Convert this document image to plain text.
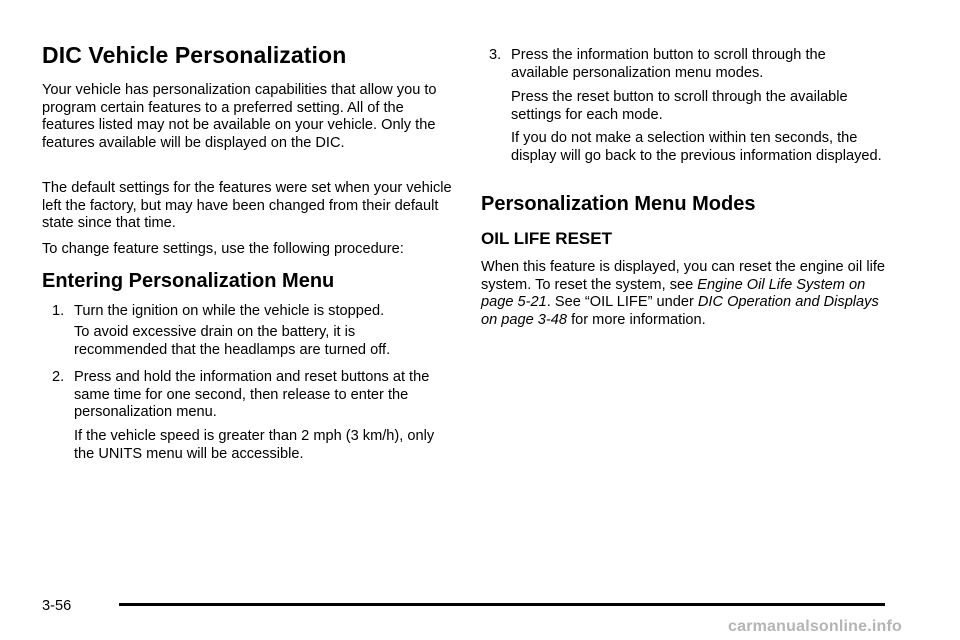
DIC Vehicle Personalization

Your vehicle has personalization capabilities that allow you to program certain features to a preferred setting. All of the features listed may not be available on your vehicle. Only the features available will be displayed on the DIC.

The default settings for the features were set when your vehicle left the factory, but may have been changed from their default state since that time.

To change feature settings, use the following procedure:

Entering Personalization Menu
1. Turn the ignition on while the vehicle is stopped.

To avoid excessive drain on the battery, it is recommended that the headlamps are turned off.

2. Press and hold the information and reset buttons at the same time for one second, then release to enter the personalization menu.

If the vehicle speed is greater than 2 mph (3 km/h), only the UNITS menu will be accessible.

3. Press the information button to scroll through the available personalization menu modes.

Press the reset button to scroll through the available settings for each mode.

If you do not make a selection within ten seconds, the display will go back to the previous information displayed.

Personalization Menu Modes
OIL LIFE RESET

When this feature is displayed, you can reset the engine oil life system. To reset the system, see Engine Oil Life System on page 5-21. See “OIL LIFE” under DIC Operation and Displays on page 3-48 for more information.

3-56
carmanualsonline.info
